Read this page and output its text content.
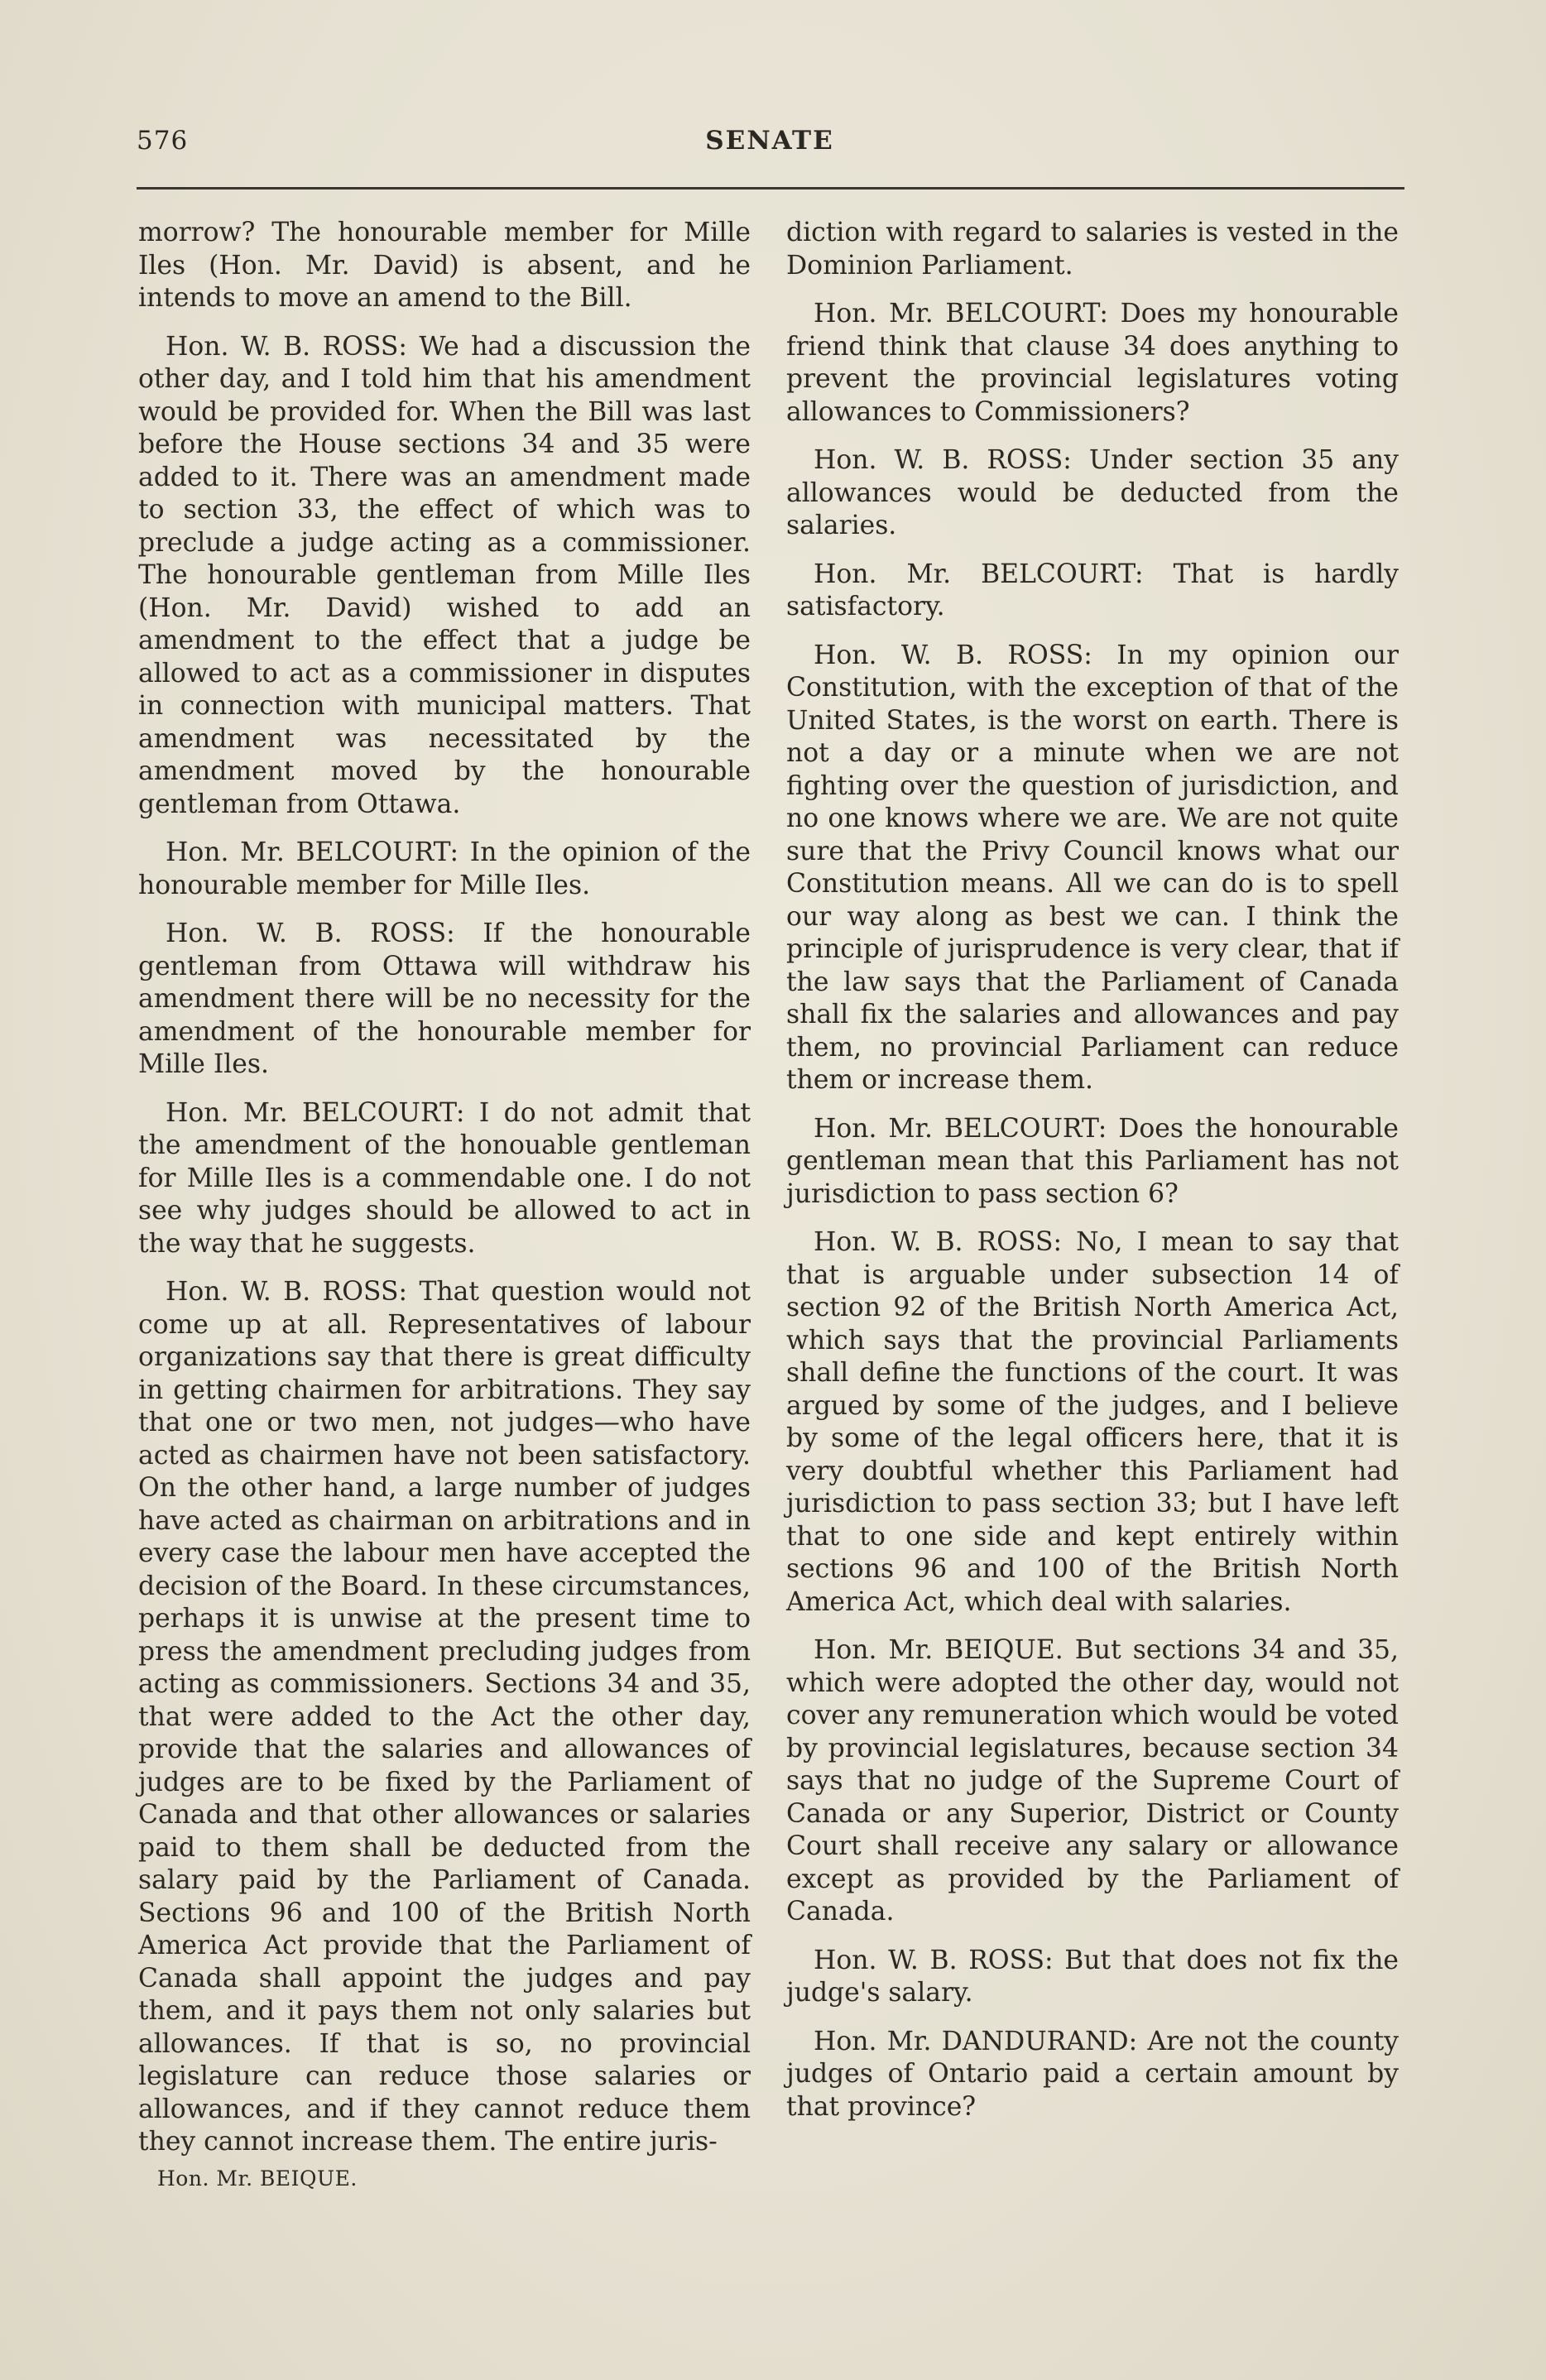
576	SENATE

morrow? The honourable member for Mille Iles (Hon. Mr. David) is absent, and he intends to move an amend to the Bill.

Hon. W. B. ROSS: We had a discussion the other day, and I told him that his amendment would be provided for. When the Bill was last before the House sections 34 and 35 were added to it. There was an amendment made to section 33, the effect of which was to preclude a judge acting as a commissioner. The honourable gentleman from Mille Iles (Hon. Mr. David) wished to add an amendment to the effect that a judge be allowed to act as a commissioner in disputes in connection with municipal matters. That amendment was necessitated by the amendment moved by the honourable gentleman from Ottawa.

Hon. Mr. BELCOURT: In the opinion of the honourable member for Mille Iles.

Hon. W. B. ROSS: If the honourable gentleman from Ottawa will withdraw his amendment there will be no necessity for the amendment of the honourable member for Mille Iles.

Hon. Mr. BELCOURT: I do not admit that the amendment of the honouable gentleman for Mille Iles is a commendable one. I do not see why judges should be allowed to act in the way that he suggests.

Hon. W. B. ROSS: That question would not come up at all. Representatives of labour organizations say that there is great difficulty in getting chairmen for arbitrations. They say that one or two men, not judges—who have acted as chairmen have not been satisfactory. On the other hand, a large number of judges have acted as chairman on arbitrations and in every case the labour men have accepted the decision of the Board. In these circumstances, perhaps it is unwise at the present time to press the amendment precluding judges from acting as commissioners. Sections 34 and 35, that were added to the Act the other day, provide that the salaries and allowances of judges are to be fixed by the Parliament of Canada and that other allowances or salaries paid to them shall be deducted from the salary paid by the Parliament of Canada. Sections 96 and 100 of the British North America Act provide that the Parliament of Canada shall appoint the judges and pay them, and it pays them not only salaries but allowances. If that is so, no provincial legislature can reduce those salaries or allowances, and if they cannot reduce them they cannot increase them. The entire juris-

diction with regard to salaries is vested in the Dominion Parliament.

Hon. Mr. BELCOURT: Does my honourable friend think that clause 34 does anything to prevent the provincial legislatures voting allowances to Commissioners?

Hon. W. B. ROSS: Under section 35 any allowances would be deducted from the salaries.

Hon. Mr. BELCOURT: That is hardly satisfactory.

Hon. W. B. ROSS: In my opinion our Constitution, with the exception of that of the United States, is the worst on earth. There is not a day or a minute when we are not fighting over the question of jurisdiction, and no one knows where we are. We are not quite sure that the Privy Council knows what our Constitution means. All we can do is to spell our way along as best we can. I think the principle of jurisprudence is very clear, that if the law says that the Parliament of Canada shall fix the salaries and allowances and pay them, no provincial Parliament can reduce them or increase them.

Hon. Mr. BELCOURT: Does the honourable gentleman mean that this Parliament has not jurisdiction to pass section 6?

Hon. W. B. ROSS: No, I mean to say that that is arguable under subsection 14 of section 92 of the British North America Act, which says that the provincial Parliaments shall define the functions of the court. It was argued by some of the judges, and I believe by some of the legal officers here, that it is very doubtful whether this Parliament had jurisdiction to pass section 33; but I have left that to one side and kept entirely within sections 96 and 100 of the British North America Act, which deal with salaries.

Hon. Mr. BEIQUE. But sections 34 and 35, which were adopted the other day, would not cover any remuneration which would be voted by provincial legislatures, because section 34 says that no judge of the Supreme Court of Canada or any Superior, District or County Court shall receive any salary or allowance except as provided by the Parliament of Canada.

Hon. W. B. ROSS: But that does not fix the judge's salary.

Hon. Mr. DANDURAND: Are not the county judges of Ontario paid a certain amount by that province?

Hon. Mr. BEIQUE.
